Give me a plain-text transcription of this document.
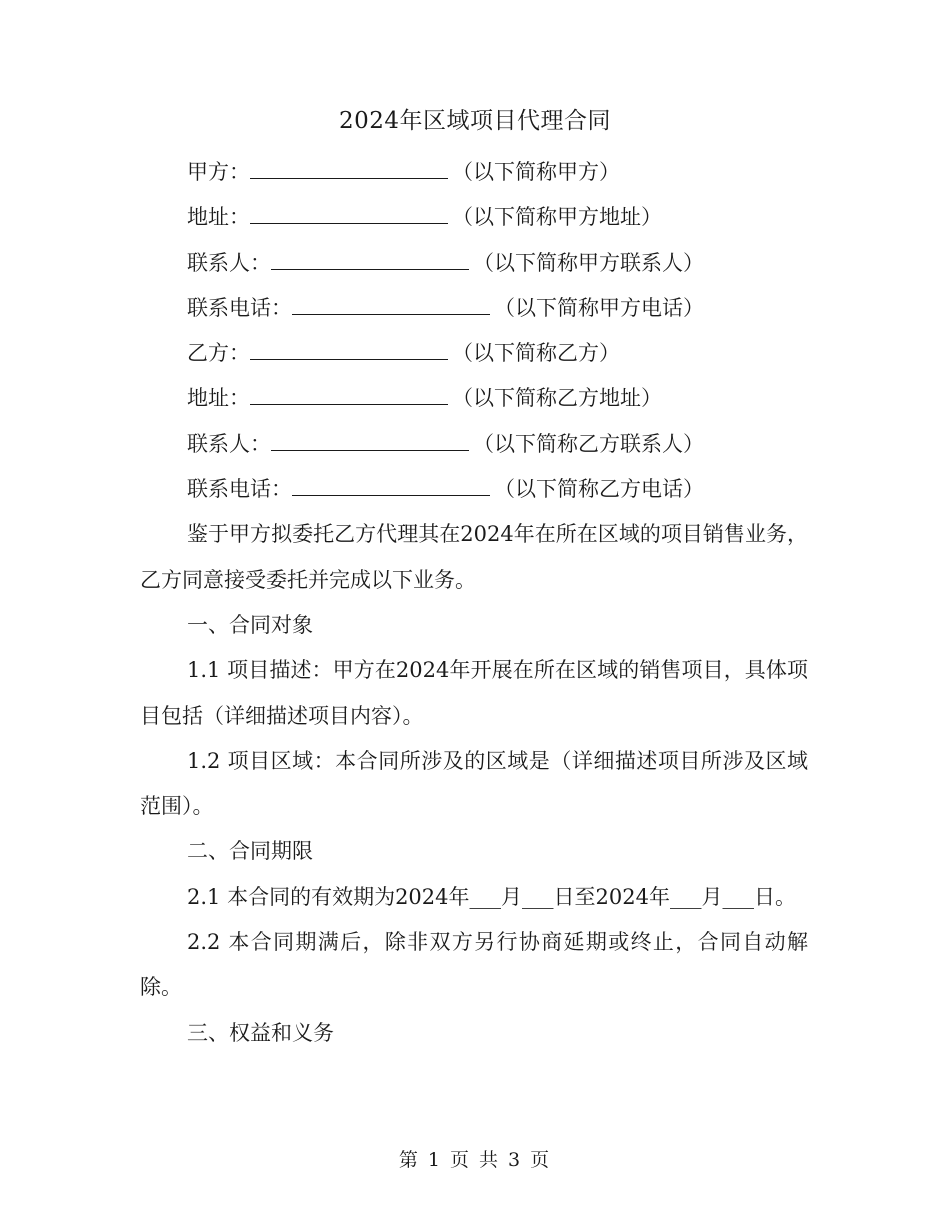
2024年区域项目代理合同
甲方：	（以下简称甲方）
地址：	（以下简称甲方地址）
联系人：	（以下简称甲方联系人）
联系电话：	（以下简称甲方电话）
乙方：	（以下简称乙方）
地址：	（以下简称乙方地址）
联系人：	（以下简称乙方联系人）
联系电话：	（以下简称乙方电话）

鉴于甲方拟委托乙方代理其在2024年在所在区域的项目销售业务，乙方同意接受委托并完成以下业务。

一、合同对象

1.1 项目描述：甲方在2024年开展在所在区域的销售项目，具体项目包括（详细描述项目内容）。

1.2 项目区域：本合同所涉及的区域是（详细描述项目所涉及区域范围）。

二、合同期限

2.1 本合同的有效期为2024年___月___日至2024年___月___日。

2.2 本合同期满后，除非双方另行协商延期或终止，合同自动解除。

三、权益和义务
第 1 页 共 3 页
